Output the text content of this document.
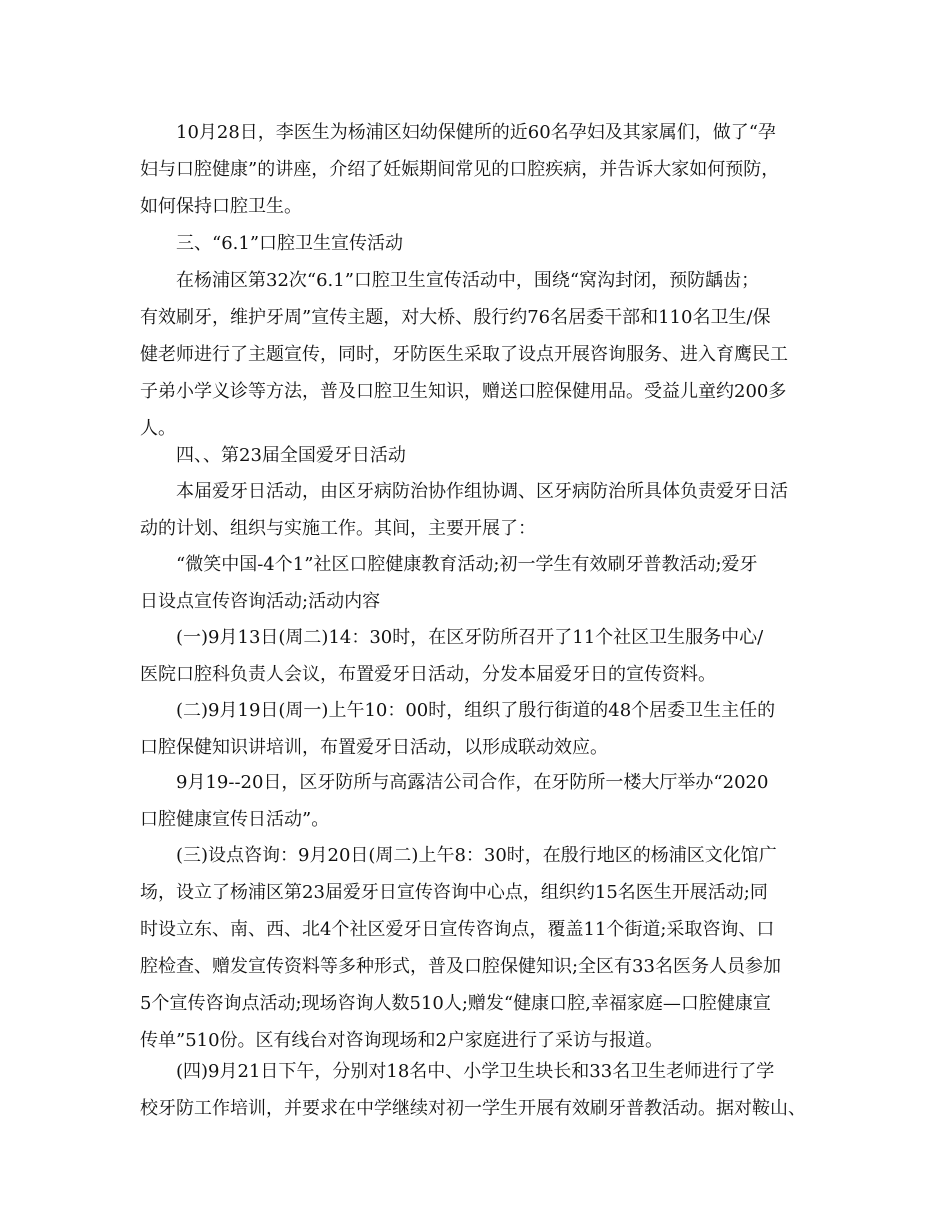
10月28日，李医生为杨浦区妇幼保健所的近60名孕妇及其家属们，做了“孕
妇与口腔健康”的讲座，介绍了妊娠期间常见的口腔疾病，并告诉大家如何预防，
如何保持口腔卫生。
三、“6.1”口腔卫生宣传活动
在杨浦区第32次“6.1”口腔卫生宣传活动中，围绕“窝沟封闭，预防龋齿；
有效刷牙，维护牙周”宣传主题，对大桥、殷行约76名居委干部和110名卫生/保
健老师进行了主题宣传，同时，牙防医生采取了设点开展咨询服务、进入育鹰民工
子弟小学义诊等方法，普及口腔卫生知识，赠送口腔保健用品。受益儿童约200多
人。
四、、第23届全国爱牙日活动
本届爱牙日活动，由区牙病防治协作组协调、区牙病防治所具体负责爱牙日活
动的计划、组织与实施工作。其间，主要开展了：
“微笑中国-4个1”社区口腔健康教育活动;初一学生有效刷牙普教活动;爱牙
日设点宣传咨询活动;活动内容
(一)9月13日(周二)14：30时，在区牙防所召开了11个社区卫生服务中心/
医院口腔科负责人会议，布置爱牙日活动，分发本届爱牙日的宣传资料。
(二)9月19日(周一)上午10：00时，组织了殷行街道的48个居委卫生主任的
口腔保健知识讲培训，布置爱牙日活动，以形成联动效应。
9月19--20日，区牙防所与高露洁公司合作，在牙防所一楼大厅举办“2020
口腔健康宣传日活动”。
(三)设点咨询：9月20日(周二)上午8：30时，在殷行地区的杨浦区文化馆广
场，设立了杨浦区第23届爱牙日宣传咨询中心点，组织约15名医生开展活动;同
时设立东、南、西、北4个社区爱牙日宣传咨询点，覆盖11个街道;采取咨询、口
腔检查、赠发宣传资料等多种形式，普及口腔保健知识;全区有33名医务人员参加
5个宣传咨询点活动;现场咨询人数510人;赠发“健康口腔,幸福家庭—口腔健康宣
传单”510份。区有线台对咨询现场和2户家庭进行了采访与报道。
(四)9月21日下午，分别对18名中、小学卫生块长和33名卫生老师进行了学
校牙防工作培训，并要求在中学继续对初一学生开展有效刷牙普教活动。据对鞍山、
